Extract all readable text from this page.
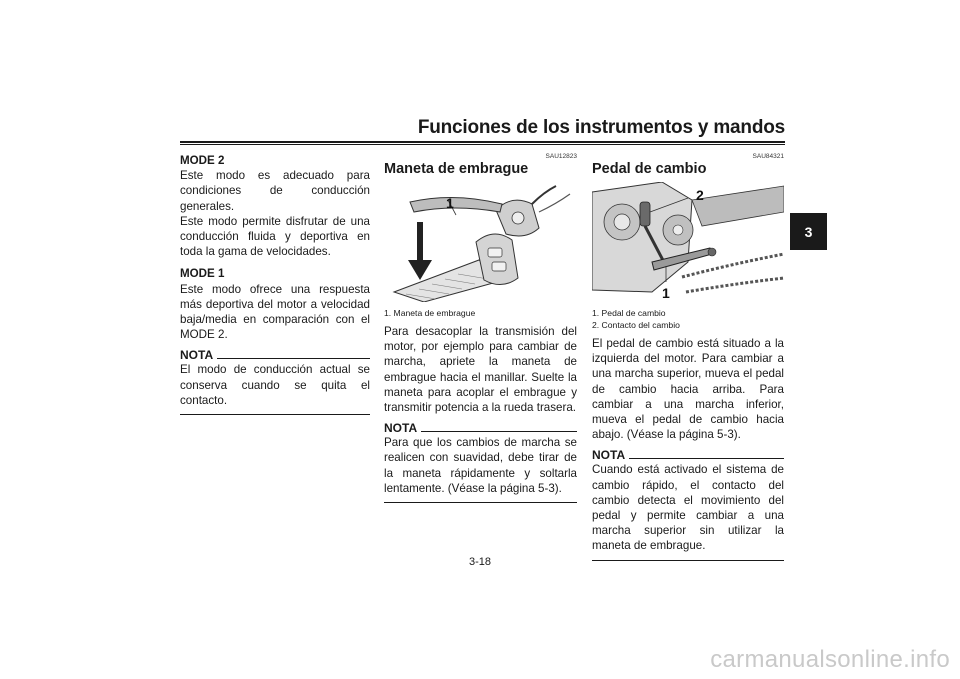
Funciones de los instrumentos y mandos
3
MODE 2

Este modo es adecuado para condiciones de conducción generales.

Este modo permite disfrutar de una conducción fluida y deportiva en toda la gama de velocidades.

MODE 1

Este modo ofrece una respuesta más deportiva del motor a velocidad baja/media en comparación con el MODE 2.

NOTA

El modo de conducción actual se conserva cuando se quita el contacto.

SAU12823
Maneta de embrague
1
1. Maneta de embrague

Para desacoplar la transmisión del motor, por ejemplo para cambiar de marcha, apriete la maneta de embrague hacia el manillar. Suelte la maneta para acoplar el embrague y transmitir potencia a la rueda trasera.

NOTA

Para que los cambios de marcha se realicen con suavidad, debe tirar de la maneta rápidamente y soltarla lentamente. (Véase la página 5-3).

SAU84321
Pedal de cambio
2
1
1. Pedal de cambio
2. Contacto del cambio

El pedal de cambio está situado a la izquierda del motor. Para cambiar a una marcha superior, mueva el pedal de cambio hacia arriba. Para cambiar a una marcha inferior, mueva el pedal de cambio hacia abajo. (Véase la página 5-3).

NOTA

Cuando está activado el sistema de cambio rápido, el contacto del cambio detecta el movimiento del pedal y permite cambiar a una marcha superior sin utilizar la maneta de embrague.

3-18
carmanualsonline.info
